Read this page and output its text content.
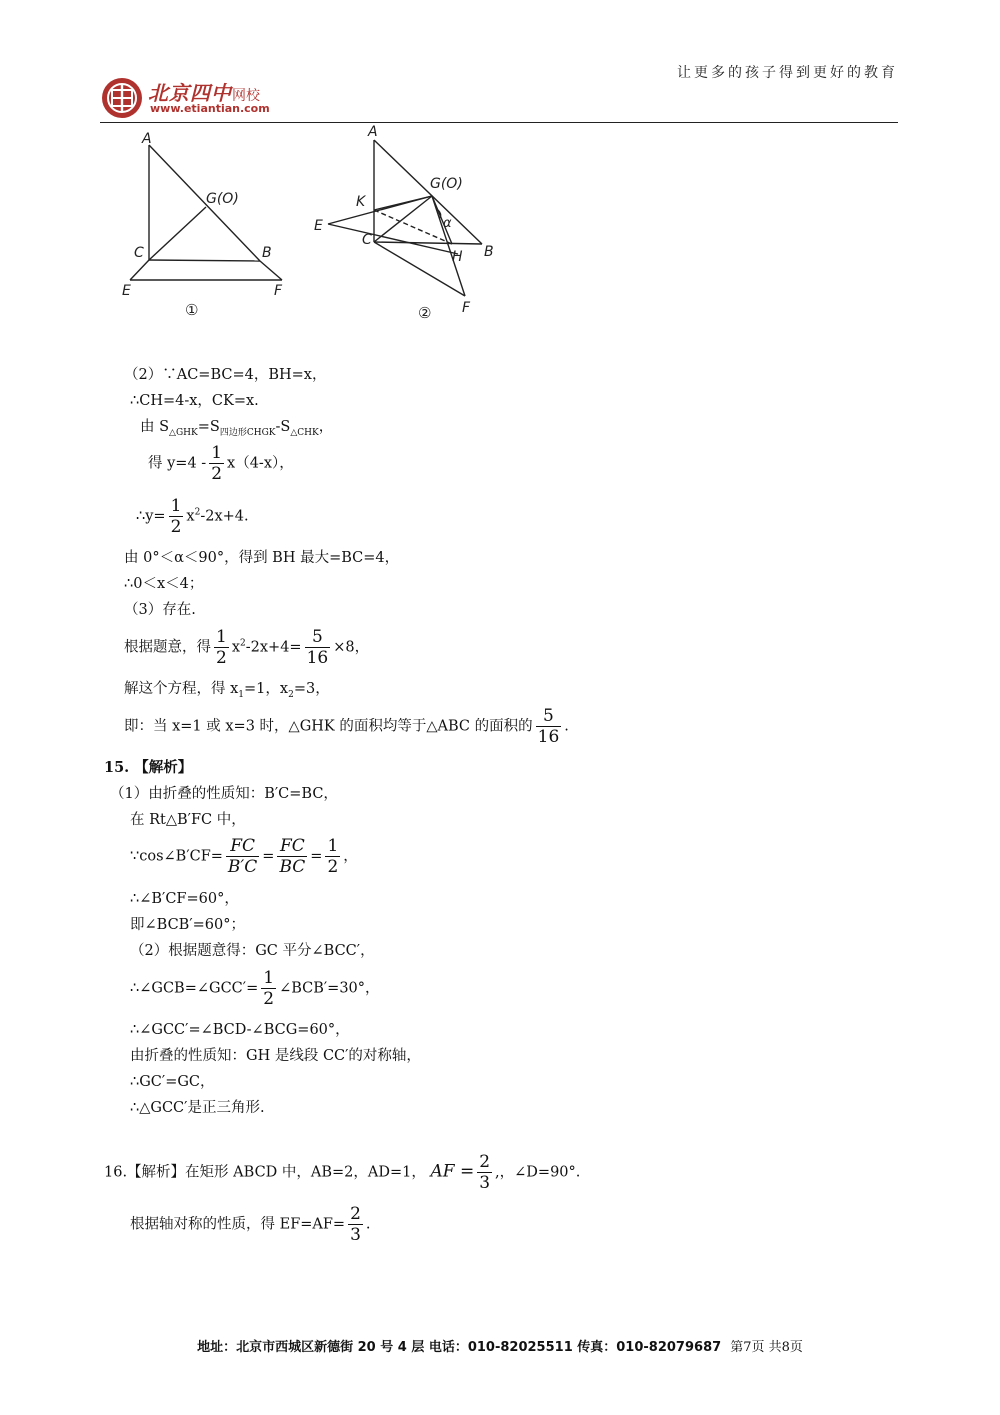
让更多的孩子得到更好的教育
北京四中网校
www.etiantian.com
A
G(O)
C	B
E	F
①
A
G(O)
K
E
C
α
H B
F
②
（2）∵AC=BC=4，BH=x，
∴CH=4-x，CK=x.
由 $S_{\triangle GHK}=S_{四边形CHGK}-S_{\triangle CHK}$，
得 $y=4 - \frac{1}{2} x(4-x)$，
∴y= $\frac{1}{2} x^2-2x+4$.
由 0°＜α＜90°，得到 BH 最大=BC=4，
∴0＜x＜4；
（3）存在.
根据题意，得 $\frac{1}{2} x^2-2x+4= \frac{5}{16} \times 8$，
解这个方程，得 $x_1=1$，$x_2=3$，
即：当 x=1 或 x=3 时，△GHK 的面积均等于△ABC 的面积的 $\frac{5}{16}$ .
15. 【解析】
（1）由折叠的性质知：B′C=BC，
在 Rt△B′FC 中，
∵cos∠B′CF= $\frac{FC}{B'C} = \frac{FC}{BC} = \frac{1}{2}$ ，
∴∠B′CF=60°，
即∠BCB′=60°；
（2）根据题意得：GC 平分∠BCC′，
∴∠GCB=∠GCC′= $\frac{1}{2}$ ∠BCB′=30°，
∴∠GCC′=∠BCD-∠BCG=60°，
由折叠的性质知：GH 是线段 CC′的对称轴，
∴GC′=GC，
∴△GCC′是正三角形.
16.【解析】在矩形 ABCD 中，AB=2，AD=1， AF = $\frac{2}{3}$ ,，∠D=90°.
根据轴对称的性质，得 $EF=AF= \frac{2}{3}$ .
地址：北京市西城区新德街 20 号 4 层 电话：010-82025511 传真：010-82079687 第7页 共8页
